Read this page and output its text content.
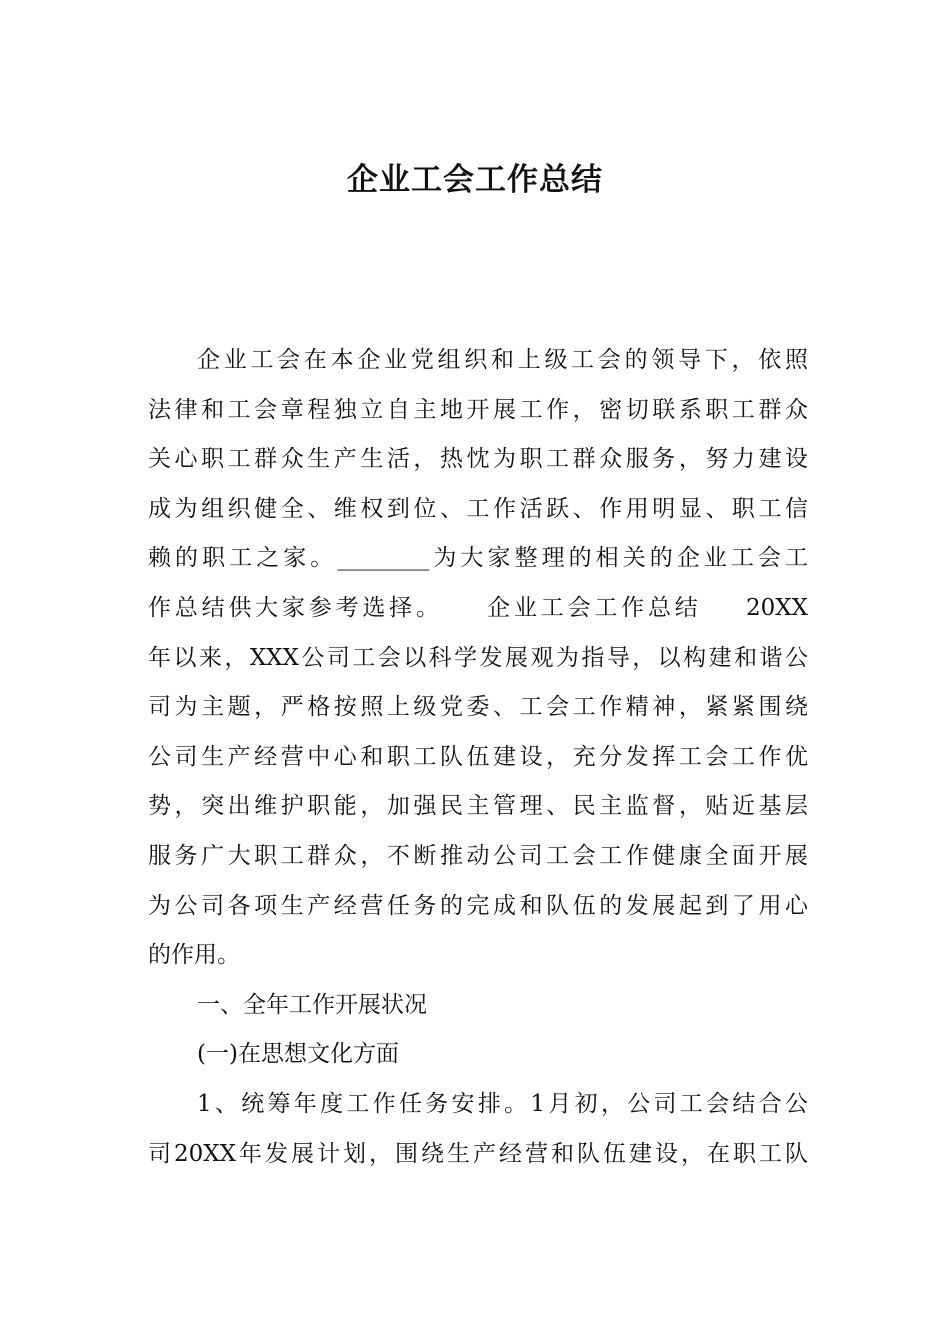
企业工会工作总结
企业工会在本企业党组织和上级工会的领导下，依照
法律和工会章程独立自主地开展工作，密切联系职工群众
关心职工群众生产生活，热忱为职工群众服务，努力建设
成为组织健全、维权到位、工作活跃、作用明显、职工信
赖的职工之家。________为大家整理的相关的企业工会工
作总结供大家参考选择。    企业工会工作总结    20XX
年以来，XXX公司工会以科学发展观为指导，以构建和谐公
司为主题，严格按照上级党委、工会工作精神，紧紧围绕
公司生产经营中心和职工队伍建设，充分发挥工会工作优
势，突出维护职能，加强民主管理、民主监督，贴近基层
服务广大职工群众，不断推动公司工会工作健康全面开展
为公司各项生产经营任务的完成和队伍的发展起到了用心
的作用。
一、全年工作开展状况
(一)在思想文化方面
1、统筹年度工作任务安排。1月初，公司工会结合公
司20XX年发展计划，围绕生产经营和队伍建设，在职工队
